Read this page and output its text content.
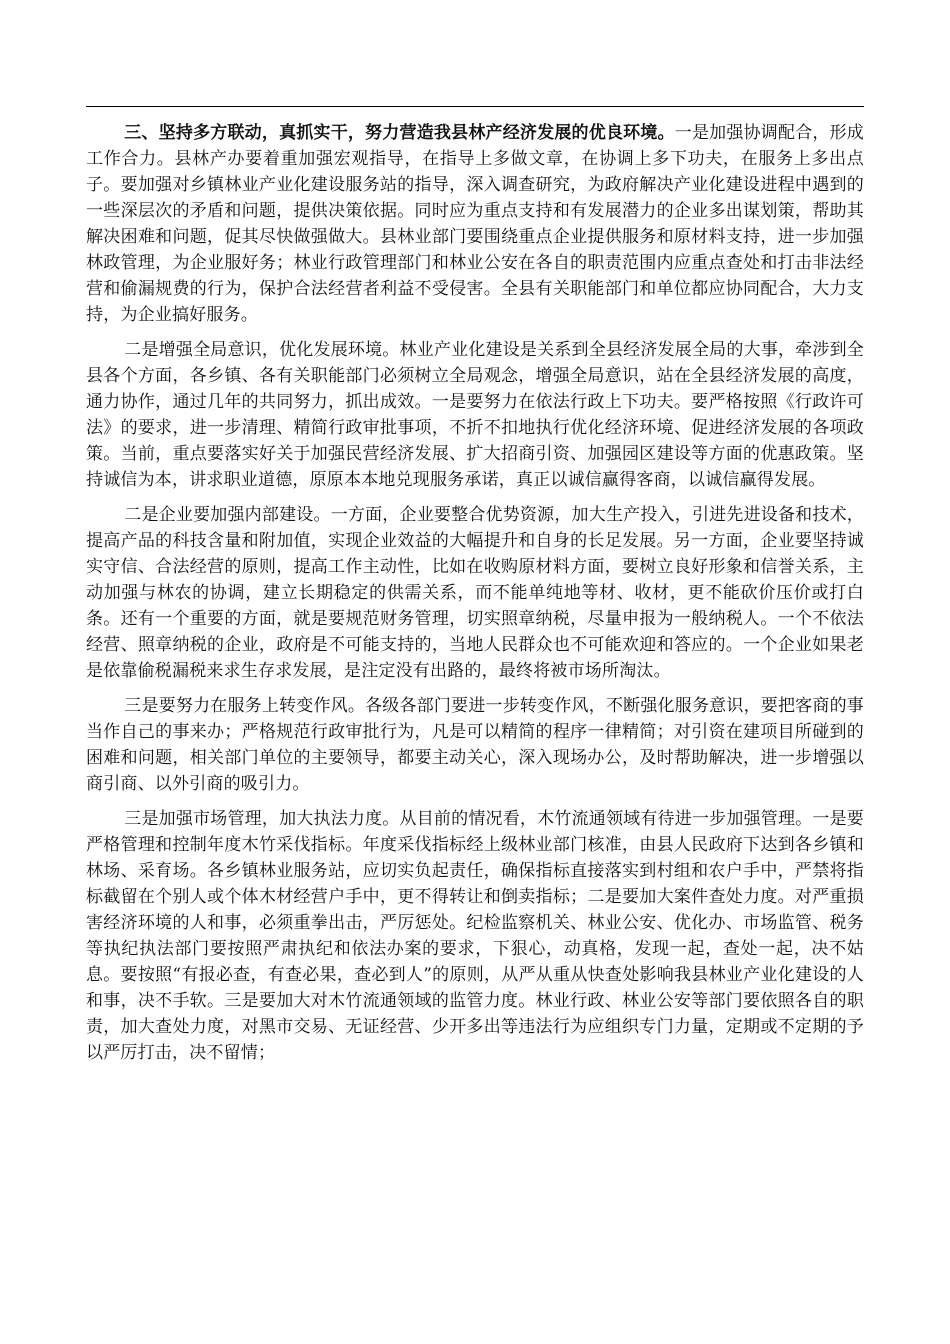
三、坚持多方联动，真抓实干，努力营造我县林产经济发展的优良环境。一是加强协调配合，形成工作合力。县林产办要着重加强宏观指导，在指导上多做文章，在协调上多下功夫，在服务上多出点子。要加强对乡镇林业产业化建设服务站的指导，深入调查研究，为政府解决产业化建设进程中遇到的一些深层次的矛盾和问题，提供决策依据。同时应为重点支持和有发展潜力的企业多出谋划策，帮助其解决困难和问题，促其尽快做强做大。县林业部门要围绕重点企业提供服务和原材料支持，进一步加强林政管理，为企业服好务；林业行政管理部门和林业公安在各自的职责范围内应重点查处和打击非法经营和偷漏规费的行为，保护合法经营者利益不受侵害。全县有关职能部门和单位都应协同配合，大力支持，为企业搞好服务。

二是增强全局意识，优化发展环境。林业产业化建设是关系到全县经济发展全局的大事，牵涉到全县各个方面，各乡镇、各有关职能部门必须树立全局观念，增强全局意识，站在全县经济发展的高度，通力协作，通过几年的共同努力，抓出成效。一是要努力在依法行政上下功夫。要严格按照《行政许可法》的要求，进一步清理、精简行政审批事项，不折不扣地执行优化经济环境、促进经济发展的各项政策。当前，重点要落实好关于加强民营经济发展、扩大招商引资、加强园区建设等方面的优惠政策。坚持诚信为本，讲求职业道德，原原本本地兑现服务承诺，真正以诚信赢得客商，以诚信赢得发展。

二是企业要加强内部建设。一方面，企业要整合优势资源，加大生产投入，引进先进设备和技术，提高产品的科技含量和附加值，实现企业效益的大幅提升和自身的长足发展。另一方面，企业要坚持诚实守信、合法经营的原则，提高工作主动性，比如在收购原材料方面，要树立良好形象和信誉关系，主动加强与林农的协调，建立长期稳定的供需关系，而不能单纯地等材、收材，更不能砍价压价或打白条。还有一个重要的方面，就是要规范财务管理，切实照章纳税，尽量申报为一般纳税人。一个不依法经营、照章纳税的企业，政府是不可能支持的，当地人民群众也不可能欢迎和答应的。一个企业如果老是依靠偷税漏税来求生存求发展，是注定没有出路的，最终将被市场所淘汰。

三是要努力在服务上转变作风。各级各部门要进一步转变作风，不断强化服务意识，要把客商的事当作自己的事来办；严格规范行政审批行为，凡是可以精简的程序一律精简；对引资在建项目所碰到的困难和问题，相关部门单位的主要领导，都要主动关心，深入现场办公，及时帮助解决，进一步增强以商引商、以外引商的吸引力。

三是加强市场管理，加大执法力度。从目前的情况看，木竹流通领域有待进一步加强管理。一是要严格管理和控制年度木竹采伐指标。年度采伐指标经上级林业部门核准，由县人民政府下达到各乡镇和林场、采育场。各乡镇林业服务站，应切实负起责任，确保指标直接落实到村组和农户手中，严禁将指标截留在个别人或个体木材经营户手中，更不得转让和倒卖指标；二是要加大案件查处力度。对严重损害经济环境的人和事，必须重拳出击，严厉惩处。纪检监察机关、林业公安、优化办、市场监管、税务等执纪执法部门要按照严肃执纪和依法办案的要求，下狠心，动真格，发现一起，查处一起，决不姑息。要按照“有报必查，有查必果，查必到人”的原则，从严从重从快查处影响我县林业产业化建设的人和事，决不手软。三是要加大对木竹流通领域的监管力度。林业行政、林业公安等部门要依照各自的职责，加大查处力度，对黑市交易、无证经营、少开多出等违法行为应组织专门力量，定期或不定期的予以严厉打击，决不留情；
